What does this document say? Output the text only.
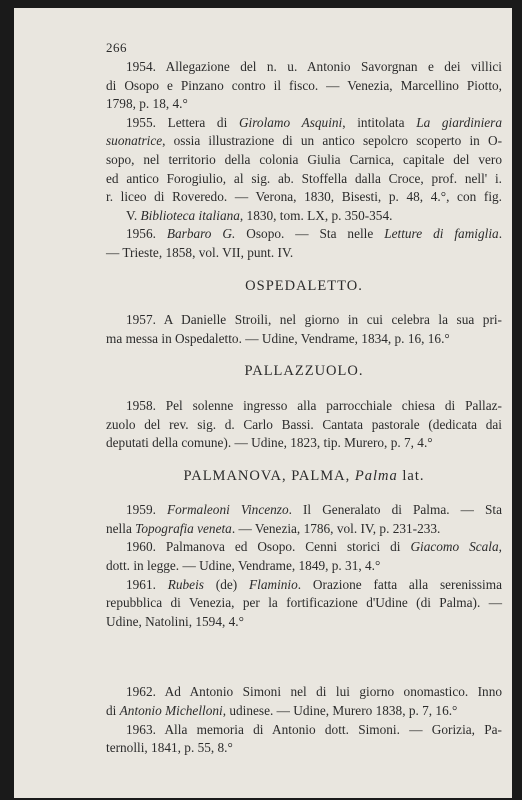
266
1954. Allegazione del n. u. Antonio Savorgnan e dei villici
di Osopo e Pinzano contro il fisco. — Venezia, Marcellino Piotto,
1798, p. 18, 4.°
1955. Lettera di Girolamo Asquini, intitolata La giardiniera
suonatrice, ossia illustrazione di un antico sepolcro scoperto in O-
sopo, nel territorio della colonia Giulia Carnica, capitale del vero
ed antico Forogiulio, al sig. ab. Stoffella dalla Croce, prof. nell' i.
r. liceo di Roveredo. — Verona, 1830, Bisesti, p. 48, 4.°, con fig.
V. Biblioteca italiana, 1830, tom. LX, p. 350-354.
1956. Barbaro G. Osopo. — Sta nelle Letture di famiglia.
— Trieste, 1858, vol. VII, punt. IV.
OSPEDALETTO.
1957. A Danielle Stroili, nel giorno in cui celebra la sua pri-
ma messa in Ospedaletto. — Udine, Vendrame, 1834, p. 16, 16.°
PALLAZZUOLO.
1958. Pel solenne ingresso alla parrocchiale chiesa di Pallaz-
zuolo del rev. sig. d. Carlo Bassi. Cantata pastorale (dedicata dai
deputati della comune). — Udine, 1823, tip. Murero, p. 7, 4.°
PALMANOVA, PALMA, Palma lat.
1959. Formaleoni Vincenzo. Il Generalato di Palma. — Sta
nella Topografia veneta. — Venezia, 1786, vol. IV, p. 231-233.
1960. Palmanova ed Osopo. Cenni storici di Giacomo Scala,
dott. in legge. — Udine, Vendrame, 1849, p. 31, 4.°
1961. Rubeis (de) Flaminio. Orazione fatta alla serenissima
repubblica di Venezia, per la fortificazione d'Udine (di Palma). —
Udine, Natolini, 1594, 4.°
1962. Ad Antonio Simoni nel di lui giorno onomastico. Inno
di Antonio Michelloni, udinese. — Udine, Murero 1838, p. 7, 16.°
1963. Alla memoria di Antonio dott. Simoni. — Gorizia, Pa-
ternolli, 1841, p. 55, 8.°
